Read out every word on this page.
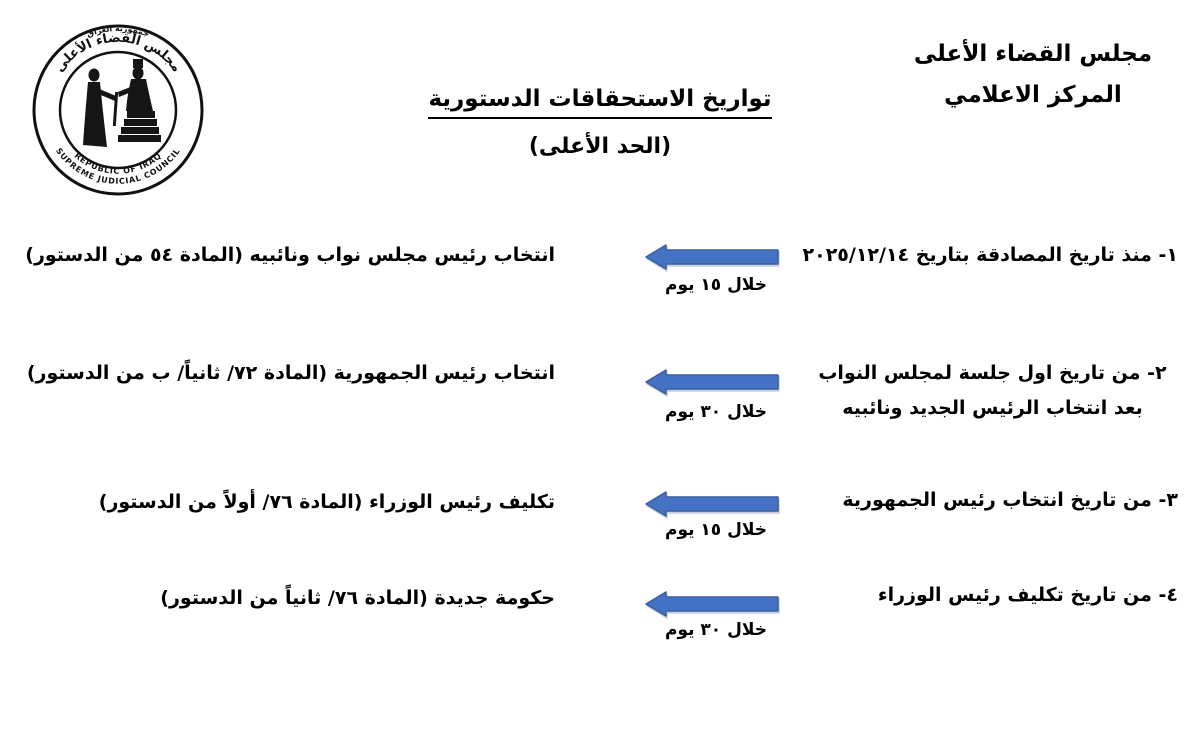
جمهورية العراق
مجلس القضاء الأعلى
REPUBLIC OF IRAQ
SUPREME JUDICIAL COUNCIL
مجلس القضاء الأعلى
المركز الاعلامي
تواريخ الاستحقاقات الدستورية
(الحد الأعلى)
١- منذ تاريخ المصادقة بتاريخ ٢٠٢٥/١٢/١٤
خلال ١٥ يوم
انتخاب رئيس مجلس نواب ونائبيه (المادة ٥٤ من الدستور)
٢- من تاريخ اول جلسة لمجلس النواب
بعد انتخاب الرئيس الجديد ونائبيه
خلال ٣٠ يوم
انتخاب رئيس الجمهورية (المادة ٧٢/ ثانياً/ ب من الدستور)
٣- من تاريخ انتخاب رئيس الجمهورية
خلال ١٥ يوم
تكليف رئيس الوزراء (المادة ٧٦/ أولاً من الدستور)
٤- من تاريخ تكليف رئيس الوزراء
خلال ٣٠ يوم
حكومة جديدة (المادة ٧٦/ ثانياً من الدستور)
